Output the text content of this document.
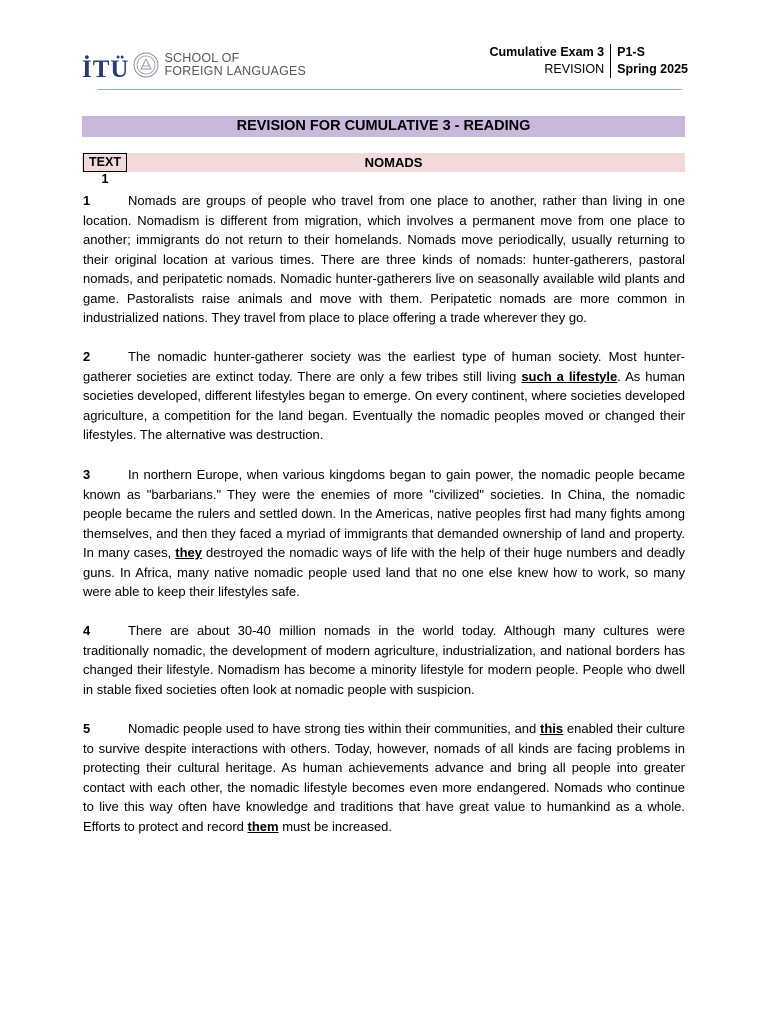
İTÜ	SCHOOL OF
FOREIGN LANGUAGES
Cumulative Exam 3
REVISION
P1-S
Spring 2025
REVISION FOR CUMULATIVE 3 - READING
NOMADS
TEXT 1
1	Nomads are groups of people who travel from one place to another, rather than living in one location. Nomadism is different from migration, which involves a permanent move from one place to another; immigrants do not return to their homelands. Nomads move periodically, usually returning to their original location at various times. There are three kinds of nomads: hunter-gatherers, pastoral nomads, and peripatetic nomads. Nomadic hunter-gatherers live on seasonally available wild plants and game. Pastoralists raise animals and move with them. Peripatetic nomads are more common in industrialized nations. They travel from place to place offering a trade wherever they go.
2	The nomadic hunter-gatherer society was the earliest type of human society. Most hunter-gatherer societies are extinct today. There are only a few tribes still living such a lifestyle. As human societies developed, different lifestyles began to emerge. On every continent, where societies developed agriculture, a competition for the land began. Eventually the nomadic peoples moved or changed their lifestyles. The alternative was destruction.
3	In northern Europe, when various kingdoms began to gain power, the nomadic people became known as "barbarians." They were the enemies of more "civilized" societies. In China, the nomadic people became the rulers and settled down. In the Americas, native peoples first had many fights among themselves, and then they faced a myriad of immigrants that demanded ownership of land and property. In many cases, they destroyed the nomadic ways of life with the help of their huge numbers and deadly guns. In Africa, many native nomadic people used land that no one else knew how to work, so many were able to keep their lifestyles safe.
4	There are about 30-40 million nomads in the world today. Although many cultures were traditionally nomadic, the development of modern agriculture, industrialization, and national borders has changed their lifestyle. Nomadism has become a minority lifestyle for modern people. People who dwell in stable fixed societies often look at nomadic people with suspicion.
5	Nomadic people used to have strong ties within their communities, and this enabled their culture to survive despite interactions with others. Today, however, nomads of all kinds are facing problems in protecting their cultural heritage. As human achievements advance and bring all people into greater contact with each other, the nomadic lifestyle becomes even more endangered. Nomads who continue to live this way often have knowledge and traditions that have great value to humankind as a whole. Efforts to protect and record them must be increased.
